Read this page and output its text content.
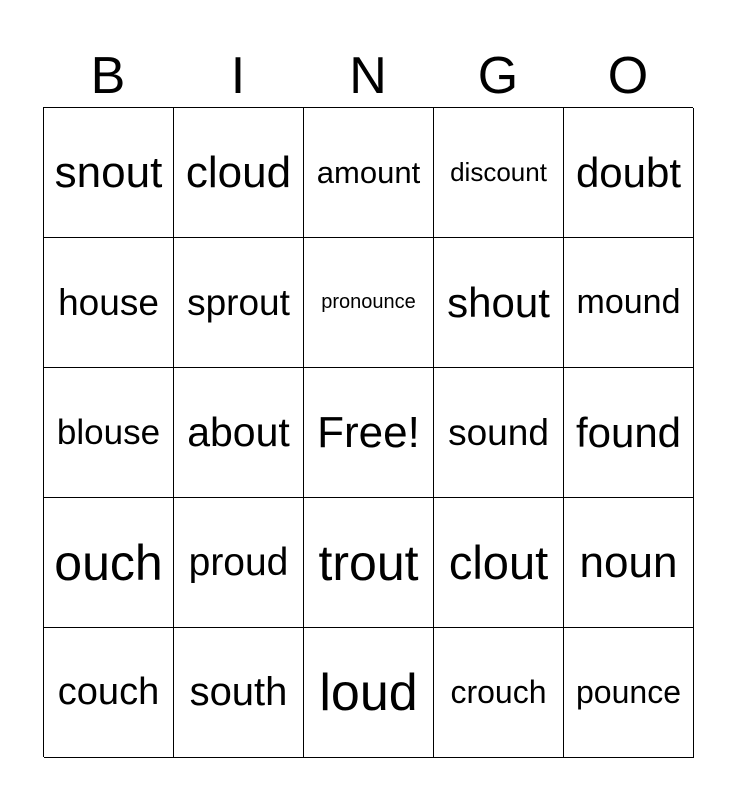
B	I	N	G	O
snout cloud amount	discount doubt
house sprout	pronounce shout mound
blouse about Free! sound found
ouch proud trout clout noun
couch south loud	crouch pounce
